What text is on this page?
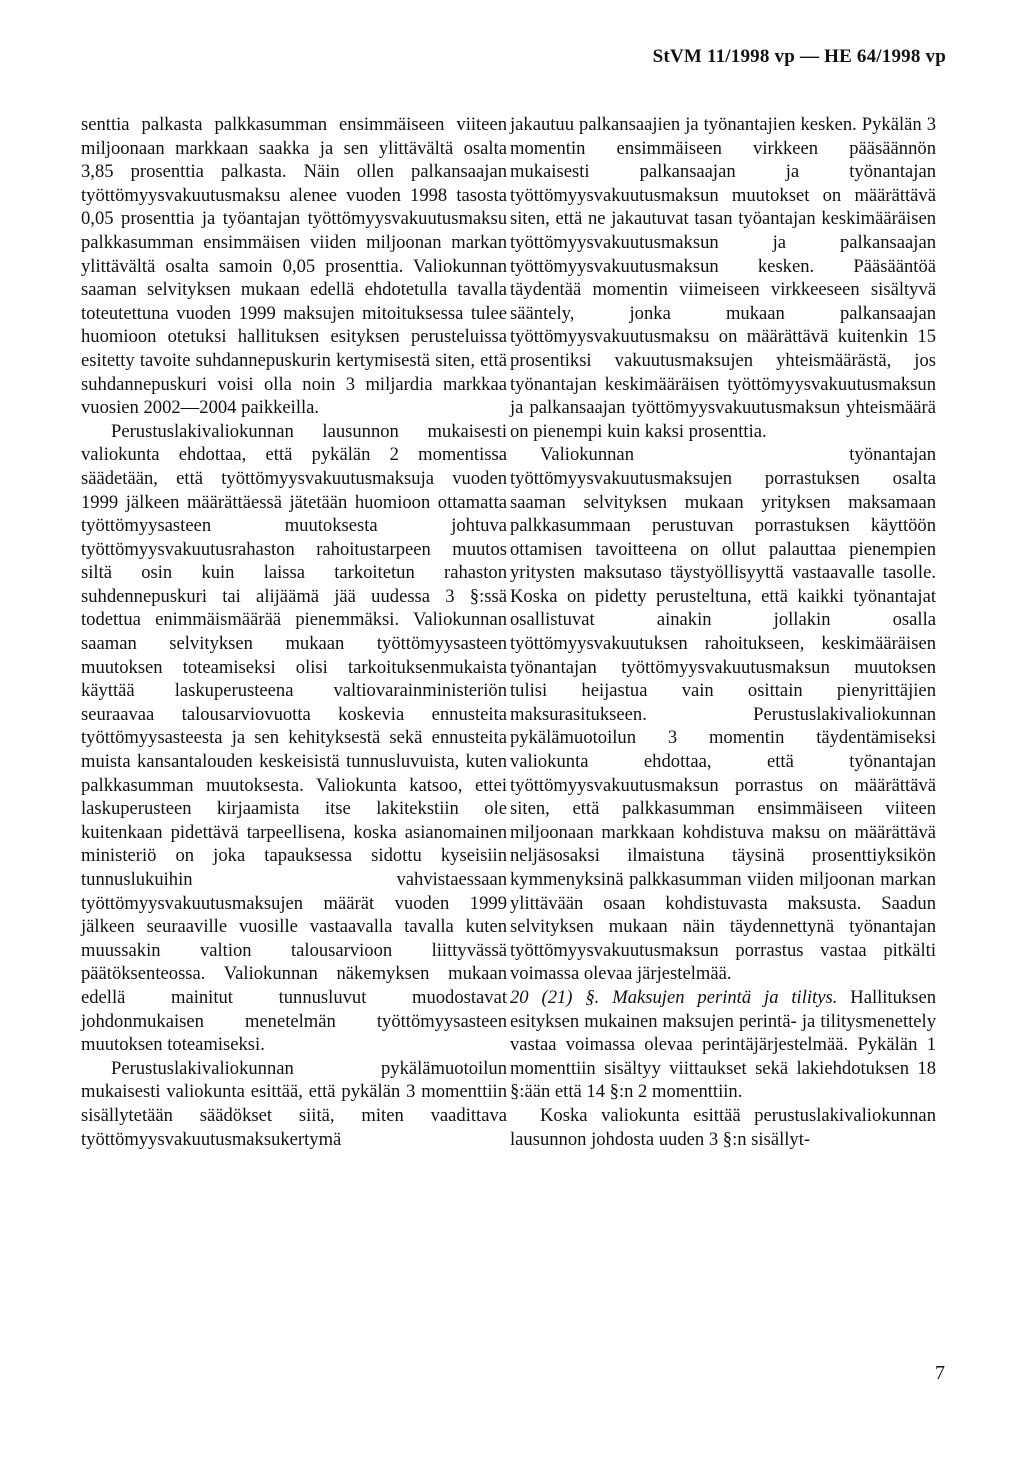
StVM 11/1998 vp — HE 64/1998 vp

senttia palkasta palkkasumman ensimmäiseen viiteen miljoonaan markkaan saakka ja sen ylittävältä osalta 3,85 prosenttia palkasta. Näin ollen palkansaajan työttömyysvakuutusmaksu alenee vuoden 1998 tasosta 0,05 prosenttia ja työantajan työttömyysvakuutusmaksu palkkasumman ensimmäisen viiden miljoonan markan ylittävältä osalta samoin 0,05 prosenttia. Valiokunnan saaman selvityksen mukaan edellä ehdotetulla tavalla toteutettuna vuoden 1999 maksujen mitoituksessa tulee huomioon otetuksi hallituksen esityksen perusteluissa esitetty tavoite suhdannepuskurin kertymisestä siten, että suhdannepuskuri voisi olla noin 3 miljardia markkaa vuosien 2002—2004 paikkeilla.

Perustuslakivaliokunnan lausunnon mukaisesti valiokunta ehdottaa, että pykälän 2 momentissa säädetään, että työttömyysvakuutusmaksuja vuoden 1999 jälkeen määrättäessä jätetään huomioon ottamatta työttömyysasteen muutoksesta johtuva työttömyysvakuutusrahaston rahoitustarpeen muutos siltä osin kuin laissa tarkoitetun rahaston suhdennepuskuri tai alijäämä jää uudessa 3 §:ssä todettua enimmäismäärää pienemmäksi. Valiokunnan saaman selvityksen mukaan työttömyysasteen muutoksen toteamiseksi olisi tarkoituksenmukaista käyttää laskuperusteena valtiovarainministeriön seuraavaa talousarviovuotta koskevia ennusteita työttömyysasteesta ja sen kehityksestä sekä ennusteita muista kansantalouden keskeisistä tunnusluvuista, kuten palkkasumman muutoksesta. Valiokunta katsoo, ettei laskuperusteen kirjaamista itse lakitekstiin ole kuitenkaan pidettävä tarpeellisena, koska asianomainen ministeriö on joka tapauksessa sidottu kyseisiin tunnuslukuihin vahvistaessaan työttömyysvakuutusmaksujen määrät vuoden 1999 jälkeen seuraaville vuosille vastaavalla tavalla kuten muussakin valtion talousarvioon liittyvässä päätöksenteossa. Valiokunnan näkemyksen mukaan edellä mainitut tunnusluvut muodostavat johdonmukaisen menetelmän työttömyysasteen muutoksen toteamiseksi.

Perustuslakivaliokunnan pykälämuotoilun mukaisesti valiokunta esittää, että pykälän 3 momenttiin sisällytetään säädökset siitä, miten vaadittava työttömyysvakuutusmaksukertymä

jakautuu palkansaajien ja työnantajien kesken. Pykälän 3 momentin ensimmäiseen virkkeen pääsäännön mukaisesti palkansaajan ja työnantajan työttömyysvakuutusmaksun muutokset on määrättävä siten, että ne jakautuvat tasan työantajan keskimääräisen työttömyysvakuutusmaksun ja palkansaajan työttömyysvakuutusmaksun kesken. Pääsääntöä täydentää momentin viimeiseen virkkeeseen sisältyvä sääntely, jonka mukaan palkansaajan työttömyysvakuutusmaksu on määrättävä kuitenkin 15 prosentiksi vakuutusmaksujen yhteismäärästä, jos työnantajan keskimääräisen työttömyysvakuutusmaksun ja palkansaajan työttömyysvakuutusmaksun yhteismäärä on pienempi kuin kaksi prosenttia.

Valiokunnan työnantajan työttömyysvakuutusmaksujen porrastuksen osalta saaman selvityksen mukaan yrityksen maksamaan palkkasummaan perustuvan porrastuksen käyttöön ottamisen tavoitteena on ollut palauttaa pienempien yritysten maksutaso täystyöllisyyttä vastaavalle tasolle. Koska on pidetty perusteltuna, että kaikki työnantajat osallistuvat ainakin jollakin osalla työttömyysvakuutuksen rahoitukseen, keskimääräisen työnantajan työttömyysvakuutusmaksun muutoksen tulisi heijastua vain osittain pienyrittäjien maksurasitukseen. Perustuslakivaliokunnan pykälämuotoilun 3 momentin täydentämiseksi valiokunta ehdottaa, että työnantajan työttömyysvakuutusmaksun porrastus on määrättävä siten, että palkkasumman ensimmäiseen viiteen miljoonaan markkaan kohdistuva maksu on määrättävä neljäsosaksi ilmaistuna täysinä prosenttiyksikön kymmenyksinä palkkasumman viiden miljoonan markan ylittävään osaan kohdistuvasta maksusta. Saadun selvityksen mukaan näin täydennettynä työnantajan työttömyysvakuutusmaksun porrastus vastaa pitkälti voimassa olevaa järjestelmää.

20 (21) §. Maksujen perintä ja tilitys. Hallituksen esityksen mukainen maksujen perintä- ja tilitysmenettely vastaa voimassa olevaa perintäjärjestelmää. Pykälän 1 momenttiin sisältyy viittaukset sekä lakiehdotuksen 18 §:ään että 14 §:n 2 momenttiin.

Koska valiokunta esittää perustuslakivaliokunnan lausunnon johdosta uuden 3 §:n sisällyt-

7
